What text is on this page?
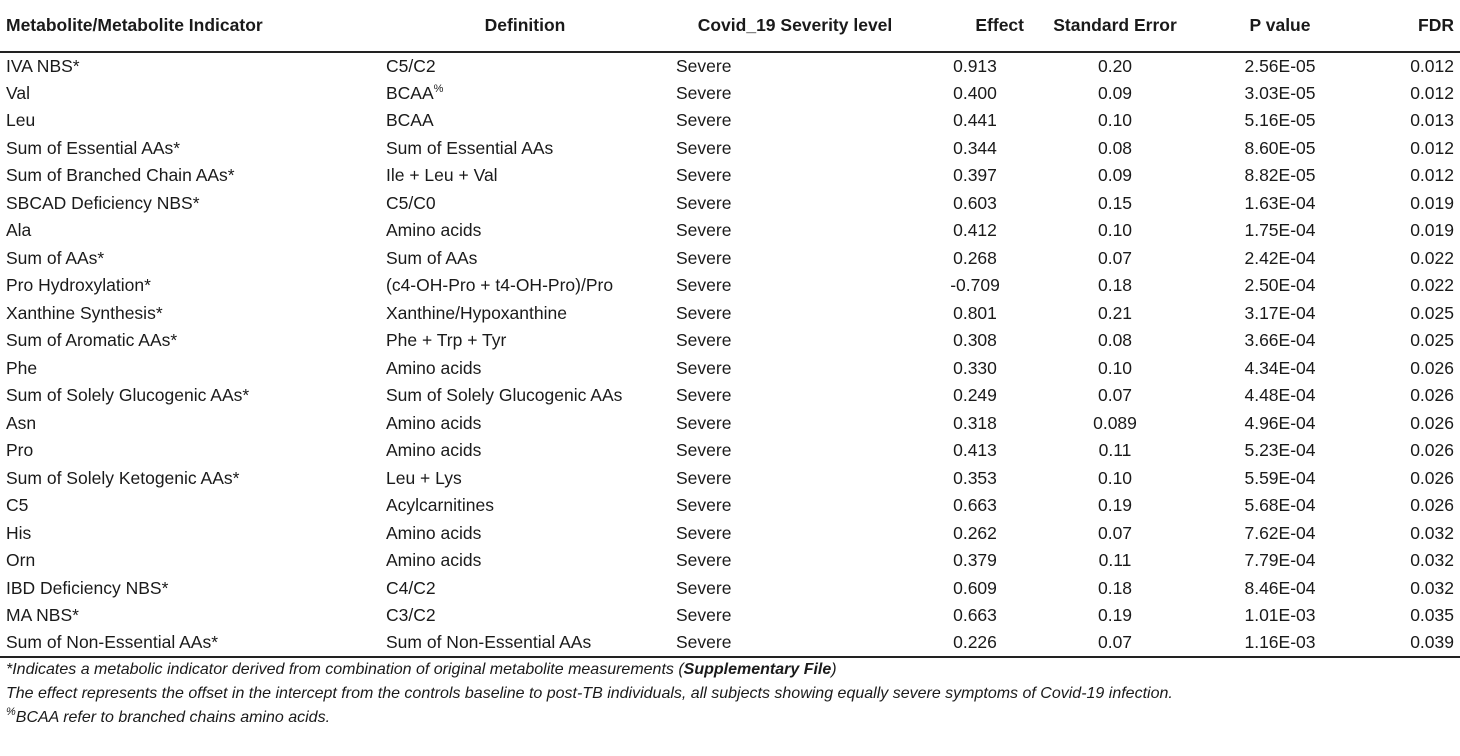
Metabolite/Metabolite Indicator	Definition	Covid_19 Severity level	Effect	Standard Error	P value	FDR
IVA NBS*	C5/C2	Severe	0.913	0.20	2.56E-05	0.012
Val	BCAA%	Severe	0.400	0.09	3.03E-05	0.012
Leu	BCAA	Severe	0.441	0.10	5.16E-05	0.013
Sum of Essential AAs*	Sum of Essential AAs	Severe	0.344	0.08	8.60E-05	0.012
Sum of Branched Chain AAs*	Ile + Leu + Val	Severe	0.397	0.09	8.82E-05	0.012
SBCAD Deficiency NBS*	C5/C0	Severe	0.603	0.15	1.63E-04	0.019
Ala	Amino acids	Severe	0.412	0.10	1.75E-04	0.019
Sum of AAs*	Sum of AAs	Severe	0.268	0.07	2.42E-04	0.022
Pro Hydroxylation*	(c4-OH-Pro + t4-OH-Pro)/Pro	Severe	-0.709	0.18	2.50E-04	0.022
Xanthine Synthesis*	Xanthine/Hypoxanthine	Severe	0.801	0.21	3.17E-04	0.025
Sum of Aromatic AAs*	Phe + Trp + Tyr	Severe	0.308	0.08	3.66E-04	0.025
Phe	Amino acids	Severe	0.330	0.10	4.34E-04	0.026
Sum of Solely Glucogenic AAs*	Sum of Solely Glucogenic AAs	Severe	0.249	0.07	4.48E-04	0.026
Asn	Amino acids	Severe	0.318	0.089	4.96E-04	0.026
Pro	Amino acids	Severe	0.413	0.11	5.23E-04	0.026
Sum of Solely Ketogenic AAs*	Leu + Lys	Severe	0.353	0.10	5.59E-04	0.026
C5	Acylcarnitines	Severe	0.663	0.19	5.68E-04	0.026
His	Amino acids	Severe	0.262	0.07	7.62E-04	0.032
Orn	Amino acids	Severe	0.379	0.11	7.79E-04	0.032
IBD Deficiency NBS*	C4/C2	Severe	0.609	0.18	8.46E-04	0.032
MA NBS*	C3/C2	Severe	0.663	0.19	1.01E-03	0.035
Sum of Non-Essential AAs*	Sum of Non-Essential AAs	Severe	0.226	0.07	1.16E-03	0.039

*Indicates a metabolic indicator derived from combination of original metabolite measurements (Supplementary File)

The effect represents the offset in the intercept from the controls baseline to post-TB individuals, all subjects showing equally severe symptoms of Covid-19 infection.

%BCAA refer to branched chains amino acids.
